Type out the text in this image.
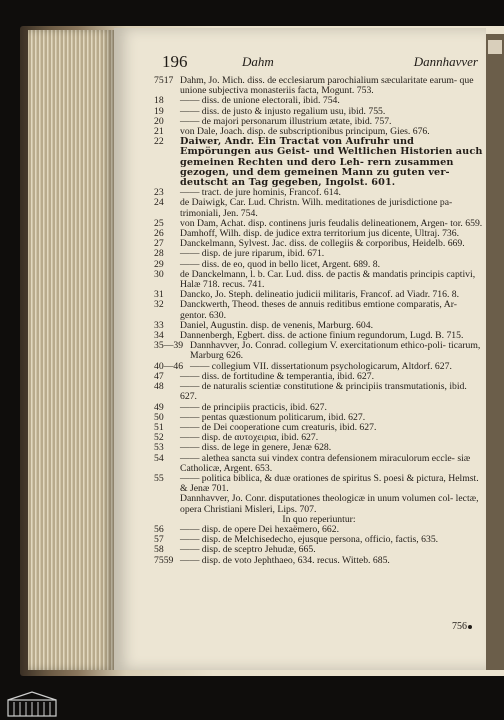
196	Dahm	Dannhavver
7517 Dahm, Jo. Mich. diss. de ecclesiarum parochialium sæcularitate earum- que unione subjectiva monasteriis facta, Mogunt. 753.
18	—— diss. de unione electorali, ibid. 754.
19	—— diss. de justo & injusto regalium usu, ibid. 755.
20	—— de majori personarum illustrium ætate, ibid. 757.
21	von Dale, Joach. disp. de subscriptionibus principum, Gies. 676.
22	Daiwer, Andr. Ein Tractat von Aufruhr und Empörungen aus Geist- und Weltlichen Historien auch gemeinen Rechten und dero Leh- rern zusammen gezogen, und dem gemeinen Mann zu guten ver- deutscht an Tag gegeben, Ingolst. 601.
23	—— tract. de jure hominis, Francof. 614.
24	de Daiwigk, Car. Lud. Christn. Wilh. meditationes de jurisdictione pa- trimoniali, Jen. 754.
25	von Dam, Achat. disp. continens juris feudalis delineationem, Argen- tor. 659.
26	Damhoff, Wilh. disp. de judice extra territorium jus dicente, Ultraj. 736.
27	Danckelmann, Sylvest. Jac. diss. de collegiis & corporibus, Heidelb. 669.
28	—— disp. de jure riparum, ibid. 671.
29	—— diss. de eo, quod in bello licet, Argent. 689. 8.
30	de Danckelmann, l. b. Car. Lud. diss. de pactis & mandatis principis captivi, Halæ 718. recus. 741.
31	Dancko, Jo. Steph. delineatio judicii militaris, Francof. ad Viadr. 716. 8.
32	Danckwerth, Theod. theses de annuis reditibus emtione comparatis, Ar- gentor. 630.
33	Daniel, Augustin. disp. de venenis, Marburg. 604.
34	Dannenbergh, Egbert. diss. de actione finium regundorum, Lugd. B. 715.
35—39 Dannhavver, Jo. Conrad. collegium V. exercitationum ethico-poli- ticarum, Marburg 626.
40—46 —— collegium VII. dissertationum psychologicarum, Altdorf. 627.
47	—— diss. de fortitudine & temperantia, ibid. 627.
48	—— de naturalis scientiæ constitutione & principiis transmutationis, ibid. 627.
49	—— de principiis practicis, ibid. 627.
50	—— pentas quæstionum politicarum, ibid. 627.
51	—— de Dei cooperatione cum creaturis, ibid. 627.
52	—— disp. de αυτοχειρια, ibid. 627.
53	—— diss. de lege in genere, Jenæ 628.
54	—— alethea sancta sui vindex contra defensionem miraculorum eccle- siæ Catholicæ, Argent. 653.
55	—— politica biblica, & duæ orationes de spiritus S. poesi & pictura, Helmst. & Jenæ 701.
Dannhavver, Jo. Conr. disputationes theologicæ in unum volumen col- lectæ, opera Christiani Misleri, Lips. 707.
In quo reperiuntur:
56	—— disp. de opere Dei hexaëmero, 662.
57	—— disp. de Melchisedecho, ejusque persona, officio, factis, 635.
58	—— disp. de sceptro Jehudæ, 665.
7559 —— disp. de voto Jephthaeo, 634. recus. Witteb. 685.
756
